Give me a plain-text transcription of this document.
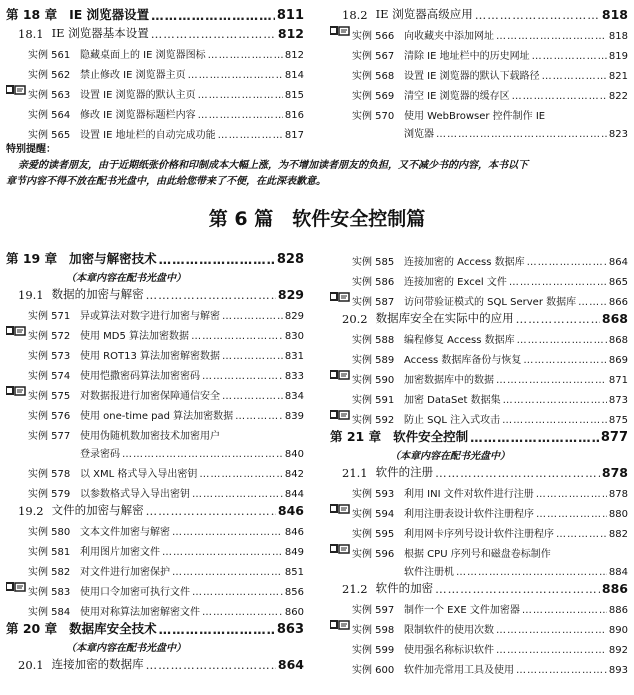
第 18 章 IE 浏览器设置 ………………………………………………………………………………………………………………………………………………	811
18.1 IE 浏览器基本设置 ………………………………………………………………………………………………………………………………………………	812
实例 561 隐藏桌面上的 IE 浏览器图标 ………………………………………………………………………………………………………………………………………………	812
实例 562 禁止修改 IE 浏览器主页 ………………………………………………………………………………………………………………………………………………	814
实例 563 设置 IE 浏览器的默认主页 ………………………………………………………………………………………………………………………………………………	815
实例 564 修改 IE 浏览器标题栏内容 ………………………………………………………………………………………………………………………………………………	816
实例 565 设置 IE 地址栏的自动完成功能 ………………………………………………………………………………………………………………………………………………	817
18.2 IE 浏览器高级应用 ………………………………………………………………………………………………………………………………………………	818
实例 566 向收藏夹中添加网址 ………………………………………………………………………………………………………………………………………………	818
实例 567 清除 IE 地址栏中的历史网址 ………………………………………………………………………………………………………………………………………………	819
实例 568 设置 IE 浏览器的默认下载路径 ………………………………………………………………………………………………………………………………………………	821
实例 569 清空 IE 浏览器的缓存区 ………………………………………………………………………………………………………………………………………………	822
实例 570 使用 WebBrowser 控件制作 IE
浏览器 ………………………………………………………………………………………………………………………………………………	823
特别提醒：
亲爱的读者朋友，由于近期纸张价格和印制成本大幅上涨，为不增加读者朋友的负担，又不减少书的内容，本书以下
章节内容不得不放在配书光盘中，由此给您带来了不便，在此深表歉意。
第 6 篇　软件安全控制篇
第 19 章 加密与解密技术 ………………………………………………………………………………………………………………………………………………	828
（本章内容在配书光盘中）
19.1 数据的加密与解密 ………………………………………………………………………………………………………………………………………………	829
实例 571 异或算法对数字进行加密与解密 ………………………………………………………………………………………………………………………………………………	829
实例 572 使用 MD5 算法加密数据 ………………………………………………………………………………………………………………………………………………	830
实例 573 使用 ROT13 算法加密解密数据 ………………………………………………………………………………………………………………………………………………	831
实例 574 使用恺撒密码算法加密密码 ………………………………………………………………………………………………………………………………………………	833
实例 575 对数据报进行加密保障通信安全 ………………………………………………………………………………………………………………………………………………	834
实例 576 使用 one-time pad 算法加密数据 ………………………………………………………………………………………………………………………………………………	839
实例 577 使用伪随机数加密技术加密用户
登录密码 ………………………………………………………………………………………………………………………………………………	840
实例 578 以 XML 格式导入导出密钥 ………………………………………………………………………………………………………………………………………………	842
实例 579 以参数格式导入导出密钥 ………………………………………………………………………………………………………………………………………………	844
19.2 文件的加密与解密 ………………………………………………………………………………………………………………………………………………	846
实例 580 文本文件加密与解密 ………………………………………………………………………………………………………………………………………………	846
实例 581 利用图片加密文件 ………………………………………………………………………………………………………………………………………………	849
实例 582 对文件进行加密保护 ………………………………………………………………………………………………………………………………………………	851
实例 583 使用口令加密可执行文件 ………………………………………………………………………………………………………………………………………………	856
实例 584 使用对称算法加密解密文件 ………………………………………………………………………………………………………………………………………………	860
第 20 章 数据库安全技术 ………………………………………………………………………………………………………………………………………………	863
（本章内容在配书光盘中）
20.1 连接加密的数据库 ………………………………………………………………………………………………………………………………………………	864
实例 585 连接加密的 Access 数据库 ………………………………………………………………………………………………………………………………………………	864
实例 586 连接加密的 Excel 文件 ………………………………………………………………………………………………………………………………………………	865
实例 587 访问带验证模式的 SQL Server 数据库 ………………………………………………………………………………………………………………………………………………	866
20.2 数据库安全在实际中的应用 ………………………………………………………………………………………………………………………………………………	868
实例 588 编程修复 Access 数据库 ………………………………………………………………………………………………………………………………………………	868
实例 589 Access 数据库备份与恢复 ………………………………………………………………………………………………………………………………………………	869
实例 590 加密数据库中的数据 ………………………………………………………………………………………………………………………………………………	871
实例 591 加密 DataSet 数据集 ………………………………………………………………………………………………………………………………………………	873
实例 592 防止 SQL 注入式攻击 ………………………………………………………………………………………………………………………………………………	875
第 21 章 软件安全控制 ………………………………………………………………………………………………………………………………………………	877
（本章内容在配书光盘中）
21.1 软件的注册 ………………………………………………………………………………………………………………………………………………	878
实例 593 利用 INI 文件对软件进行注册 ………………………………………………………………………………………………………………………………………………	878
实例 594 利用注册表设计软件注册程序 ………………………………………………………………………………………………………………………………………………	880
实例 595 利用网卡序列号设计软件注册程序 ………………………………………………………………………………………………………………………………………………	882
实例 596 根据 CPU 序列号和磁盘卷标制作
软件注册机 ………………………………………………………………………………………………………………………………………………	884
21.2 软件的加密 ………………………………………………………………………………………………………………………………………………	886
实例 597 制作一个 EXE 文件加密器 ………………………………………………………………………………………………………………………………………………	886
实例 598 限制软件的使用次数 ………………………………………………………………………………………………………………………………………………	890
实例 599 使用强名称标识软件 ………………………………………………………………………………………………………………………………………………	892
实例 600 软件加壳常用工具及使用 ………………………………………………………………………………………………………………………………………………	893
